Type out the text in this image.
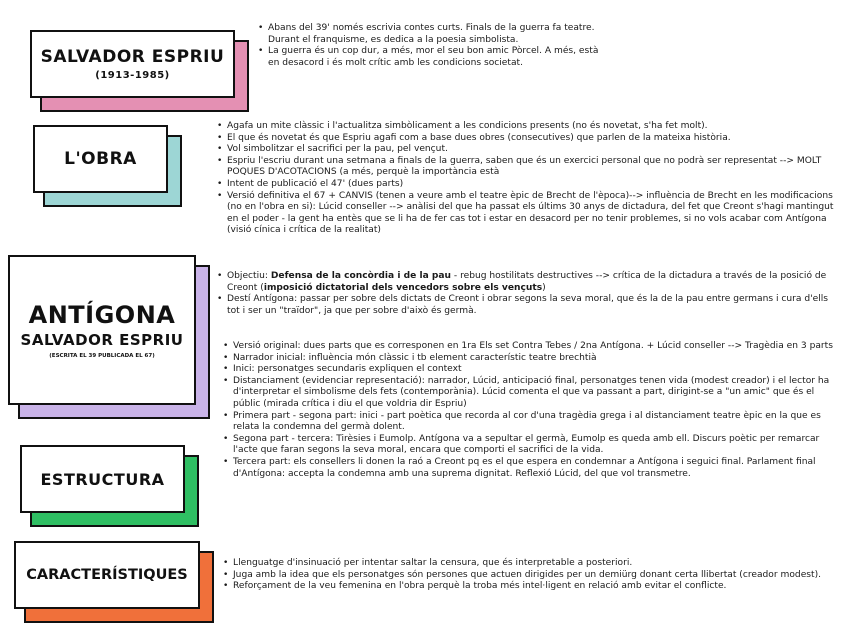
SALVADOR ESPRIU
(1913-1985)
L'OBRA
ANTÍGONA
SALVADOR ESPRIU
(ESCRITA EL 39 PUBLICADA EL 67)
ESTRUCTURA
CARACTERÍSTIQUES
• Abans del 39' només escrivia contes curts. Finals de la guerra fa teatre. Durant el franquisme, es dedica a la poesia simbolista.
• La guerra és un cop dur, a més, mor el seu bon amic Pòrcel. A més, està en desacord i és molt crític amb les condicions societat.
• Agafa un mite clàssic i l'actualitza simbòlicament a les condicions presents (no és novetat, s'ha fet molt).
• El que és novetat és que Espriu agafi com a base dues obres (consecutives) que parlen de la mateixa història.
• Vol simbolitzar el sacrifici per la pau, pel vençut.
• Espriu l'escriu durant una setmana a finals de la guerra, saben que és un exercici personal que no podrà ser representat --> MOLT POQUES D'ACOTACIONS (a més, perquè la importància està
• Intent de publicació el 47' (dues parts)
• Versió definitiva el 67 + CANVIS (tenen a veure amb el teatre èpic de Brecht de l'època)--> influència de Brecht en les modificacions (no en l'obra en si): Lúcid conseller --> anàlisi del que ha passat els últims 30 anys de dictadura, del fet que Creont s'hagi mantingut en el poder - la gent ha entès que se li ha de fer cas tot i estar en desacord per no tenir problemes, si no vols acabar com Antígona (visió cínica i crítica de la realitat)
• Objectiu: Defensa de la concòrdia i de la pau - rebug hostilitats destructives --> crítica de la dictadura a través de la posició de Creont (imposició dictatorial dels vencedors sobre els vençuts)
• Destí Antígona: passar per sobre dels dictats de Creont i obrar segons la seva moral, que és la de la pau entre germans i cura d'ells tot i ser un "traïdor", ja que per sobre d'això és germà.
• Versió original: dues parts que es corresponen en 1ra Els set Contra Tebes / 2na Antígona. + Lúcid conseller --> Tragèdia en 3 parts
• Narrador inicial: influència món clàssic i tb element característic teatre brechtià
• Inici: personatges secundaris expliquen el context
• Distanciament (evidenciar representació): narrador, Lúcid, anticipació final, personatges tenen vida (modest creador) i el lector ha d'interpretar el simbolisme dels fets (contemporània). Lúcid comenta el que va passant a part, dirigint-se a "un amic" que és el públic (mirada crítica i diu el que voldria dir Espriu)
• Primera part - segona part: inici - part poètica que recorda al cor d'una tragèdia grega i al distanciament teatre èpic en la que es relata la condemna del germà dolent.
• Segona part - tercera: Tirèsies i Eumolp. Antígona va a sepultar el germà, Eumolp es queda amb ell. Discurs poètic per remarcar l'acte que faran segons la seva moral, encara que comporti el sacrifici de la vida.
• Tercera part: els consellers li donen la raó a Creont pq es el que espera en condemnar a Antígona i seguici final. Parlament final d'Antígona: accepta la condemna amb una suprema dignitat. Reflexió Lúcid, del que vol transmetre.
• Llenguatge d'insinuació per intentar saltar la censura, que és interpretable a posteriori.
• Juga amb la idea que els personatges són persones que actuen dirigides per un demiürg donant certa llibertat (creador modest).
• Reforçament de la veu femenina en l'obra perquè la troba més intel·ligent en relació amb evitar el conflicte.
